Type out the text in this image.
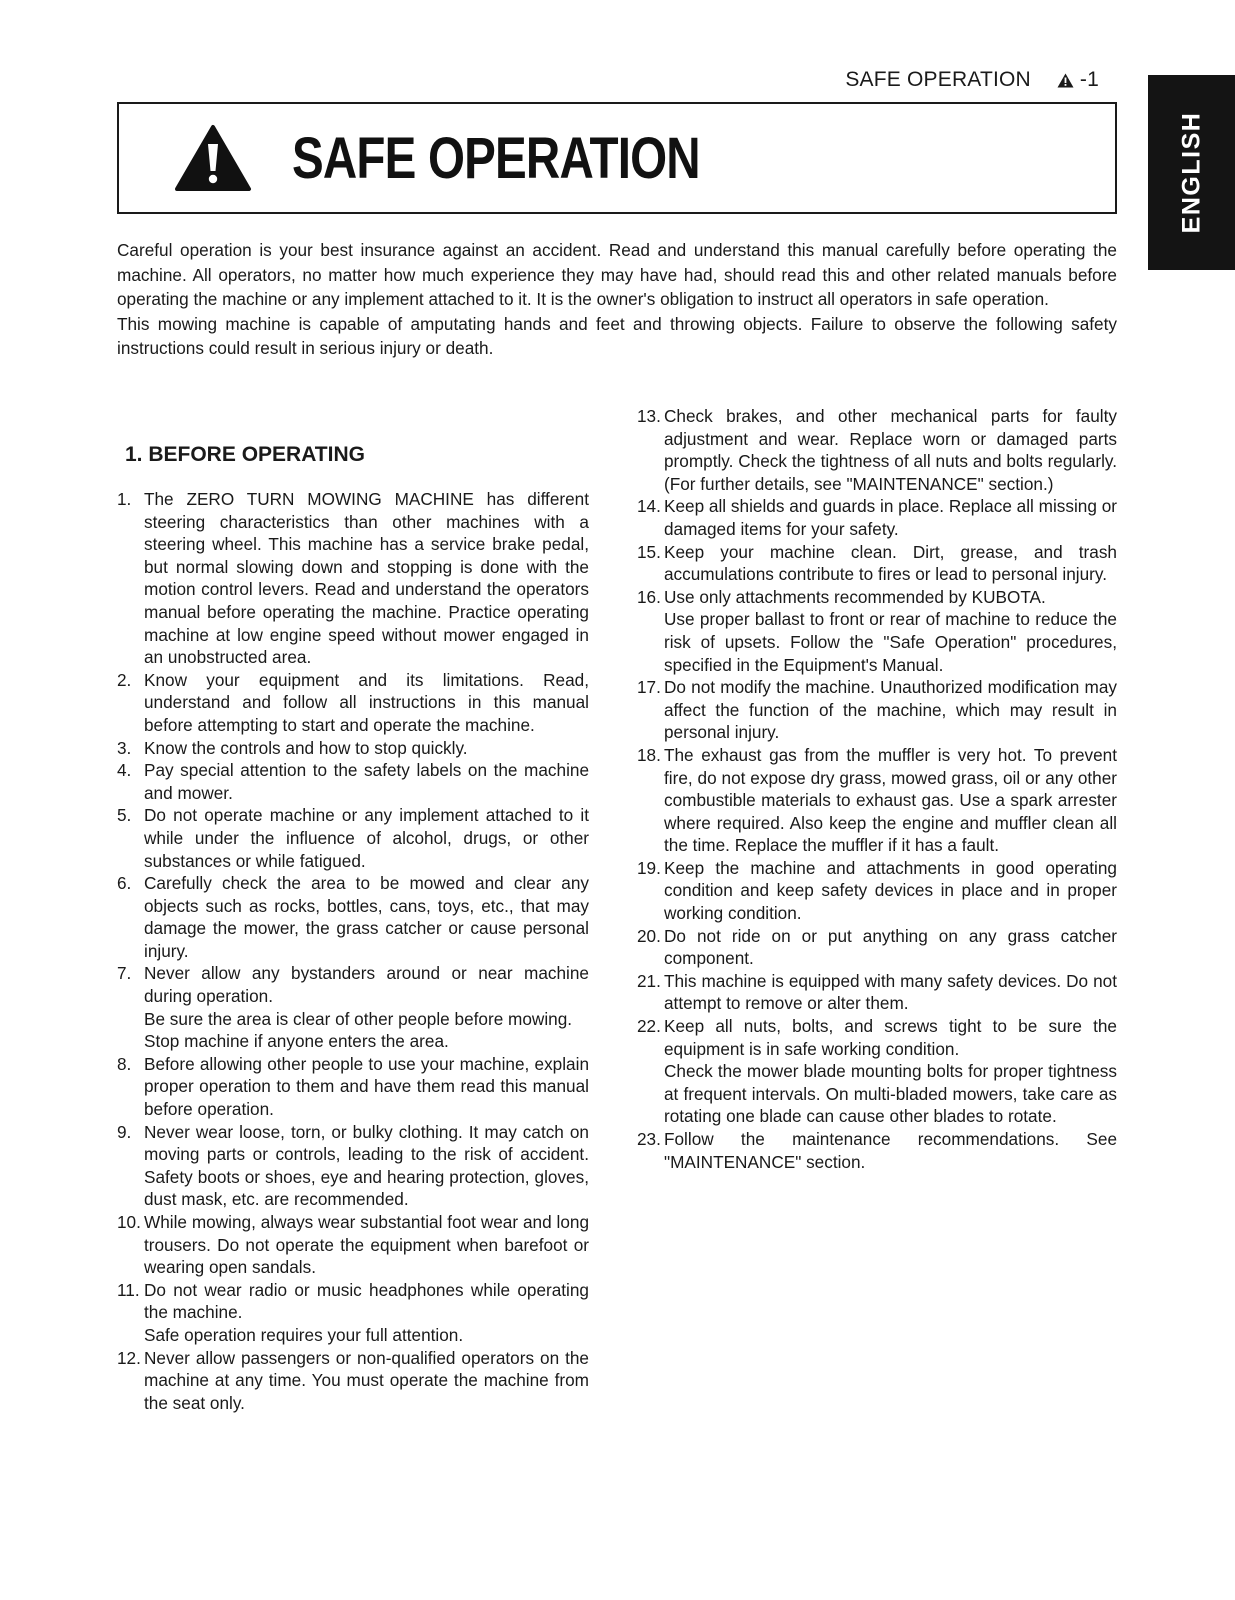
SAFE OPERATION -1
ENGLISH
SAFE OPERATION

Careful operation is your best insurance against an accident. Read and understand this manual carefully before operating the machine. All operators, no matter how much experience they may have had, should read this and other related manuals before operating the machine or any implement attached to it. It is the owner's obligation to instruct all operators in safe operation.

This mowing machine is capable of amputating hands and feet and throwing objects. Failure to observe the following safety instructions could result in serious injury or death.

1. BEFORE OPERATING
1. The ZERO TURN MOWING MACHINE has different steering characteristics than other machines with a steering wheel. This machine has a service brake pedal, but normal slowing down and stopping is done with the motion control levers. Read and understand the operators manual before operating the machine. Practice operating machine at low engine speed without mower engaged in an unobstructed area.

2. Know your equipment and its limitations. Read, understand and follow all instructions in this manual before attempting to start and operate the machine.

3. Know the controls and how to stop quickly.

4. Pay special attention to the safety labels on the machine and mower.

5. Do not operate machine or any implement attached to it while under the influence of alcohol, drugs, or other substances or while fatigued.

6. Carefully check the area to be mowed and clear any objects such as rocks, bottles, cans, toys, etc., that may damage the mower, the grass catcher or cause personal injury.

7. Never allow any bystanders around or near machine during operation.

Be sure the area is clear of other people before mowing.

Stop machine if anyone enters the area.

8. Before allowing other people to use your machine, explain proper operation to them and have them read this manual before operation.

9. Never wear loose, torn, or bulky clothing. It may catch on moving parts or controls, leading to the risk of accident. Safety boots or shoes, eye and hearing protection, gloves, dust mask, etc. are recommended.

10. While mowing, always wear substantial foot wear and long trousers. Do not operate the equipment when barefoot or wearing open sandals.

11. Do not wear radio or music headphones while operating the machine.

Safe operation requires your full attention.

12. Never allow passengers or non-qualified operators on the machine at any time. You must operate the machine from the seat only.

13. Check brakes, and other mechanical parts for faulty adjustment and wear. Replace worn or damaged parts promptly. Check the tightness of all nuts and bolts regularly. (For further details, see "MAINTENANCE" section.)

14. Keep all shields and guards in place. Replace all missing or damaged items for your safety.

15. Keep your machine clean. Dirt, grease, and trash accumulations contribute to fires or lead to personal injury.

16. Use only attachments recommended by KUBOTA.

Use proper ballast to front or rear of machine to reduce the risk of upsets. Follow the "Safe Operation" procedures, specified in the Equipment's Manual.

17. Do not modify the machine. Unauthorized modification may affect the function of the machine, which may result in personal injury.

18. The exhaust gas from the muffler is very hot. To prevent fire, do not expose dry grass, mowed grass, oil or any other combustible materials to exhaust gas. Use a spark arrester where required. Also keep the engine and muffler clean all the time. Replace the muffler if it has a fault.

19. Keep the machine and attachments in good operating condition and keep safety devices in place and in proper working condition.

20. Do not ride on or put anything on any grass catcher component.

21. This machine is equipped with many safety devices. Do not attempt to remove or alter them.

22. Keep all nuts, bolts, and screws tight to be sure the equipment is in safe working condition.

Check the mower blade mounting bolts for proper tightness at frequent intervals. On multi-bladed mowers, take care as rotating one blade can cause other blades to rotate.

23. Follow the maintenance recommendations. See "MAINTENANCE" section.
